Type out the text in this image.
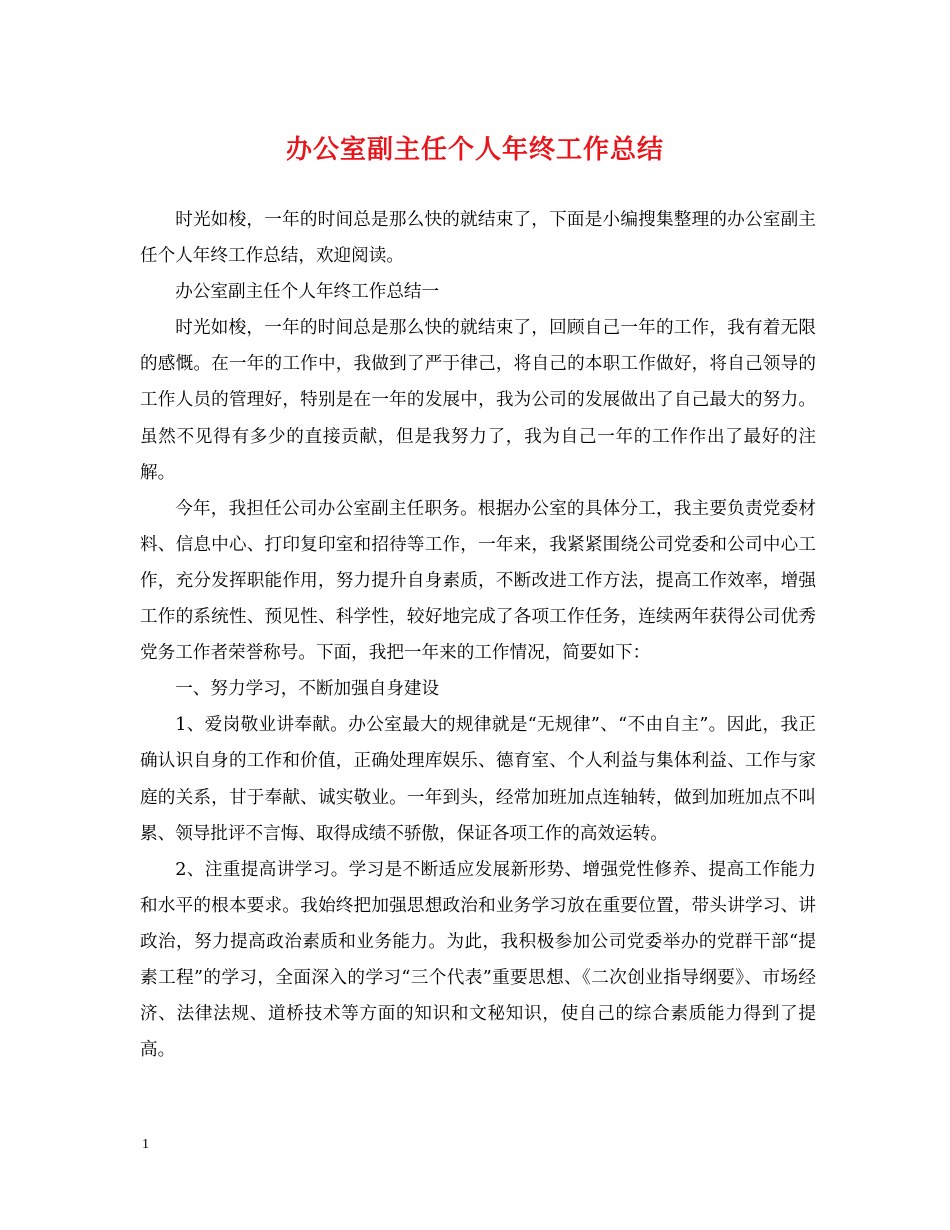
办公室副主任个人年终工作总结

时光如梭，一年的时间总是那么快的就结束了，下面是小编搜集整理的办公室副主任个人年终工作总结，欢迎阅读。

办公室副主任个人年终工作总结一

时光如梭，一年的时间总是那么快的就结束了，回顾自己一年的工作，我有着无限的感慨。在一年的工作中，我做到了严于律己，将自己的本职工作做好，将自己领导的工作人员的管理好，特别是在一年的发展中，我为公司的发展做出了自己最大的努力。虽然不见得有多少的直接贡献，但是我努力了，我为自己一年的工作作出了最好的注解。

今年，我担任公司办公室副主任职务。根据办公室的具体分工，我主要负责党委材料、信息中心、打印复印室和招待等工作，一年来，我紧紧围绕公司党委和公司中心工作，充分发挥职能作用，努力提升自身素质，不断改进工作方法，提高工作效率，增强工作的系统性、预见性、科学性，较好地完成了各项工作任务，连续两年获得公司优秀党务工作者荣誉称号。下面，我把一年来的工作情况，简要如下：

一、努力学习，不断加强自身建设

1、爱岗敬业讲奉献。办公室最大的规律就是“无规律”、“不由自主”。因此，我正确认识自身的工作和价值，正确处理库娱乐、德育室、个人利益与集体利益、工作与家庭的关系，甘于奉献、诚实敬业。一年到头，经常加班加点连轴转，做到加班加点不叫累、领导批评不言悔、取得成绩不骄傲，保证各项工作的高效运转。

2、注重提高讲学习。学习是不断适应发展新形势、增强党性修养、提高工作能力和水平的根本要求。我始终把加强思想政治和业务学习放在重要位置，带头讲学习、讲政治，努力提高政治素质和业务能力。为此，我积极参加公司党委举办的党群干部“提素工程”的学习，全面深入的学习“三个代表”重要思想、《二次创业指导纲要》、市场经济、法律法规、道桥技术等方面的知识和文秘知识，使自己的综合素质能力得到了提高。

1
